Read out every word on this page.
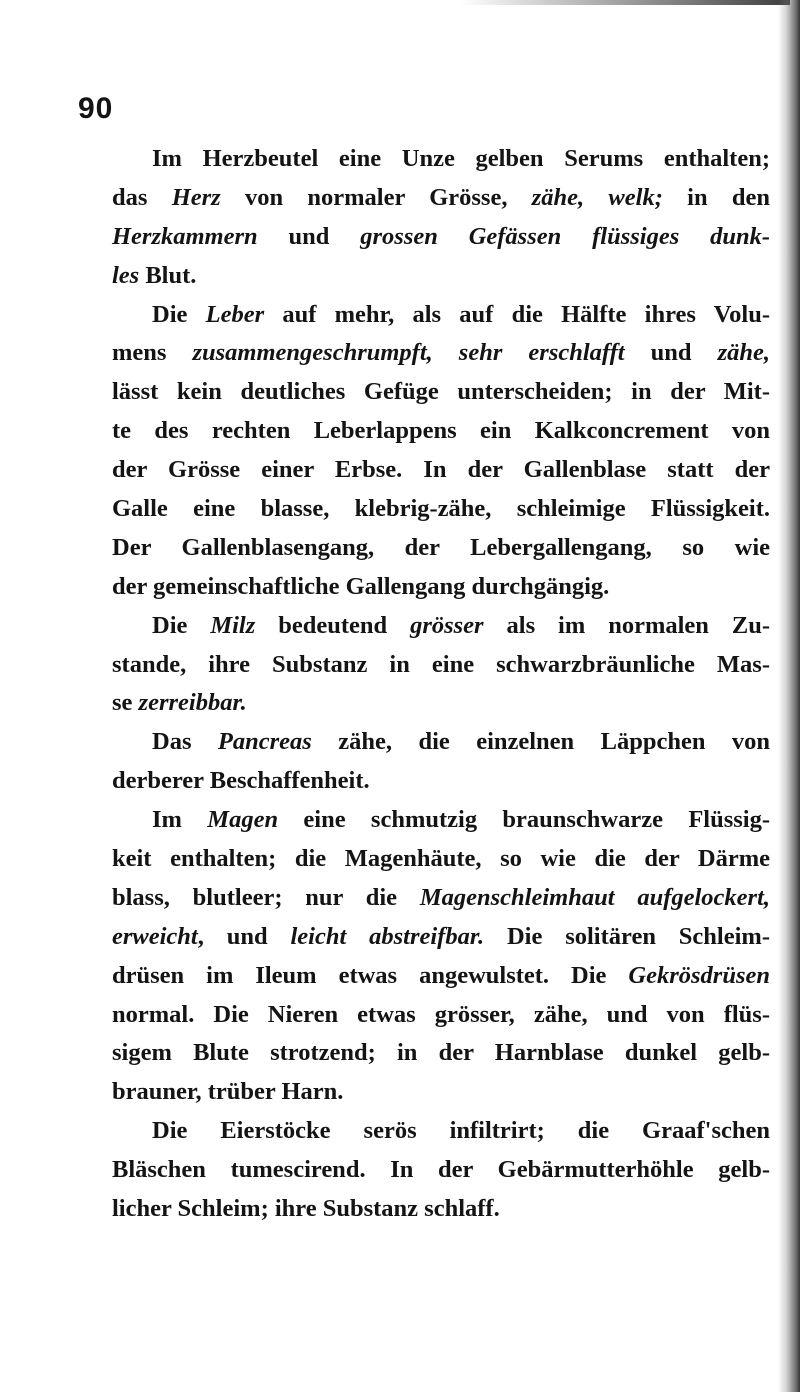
90
Im Herzbeutel eine Unze gelben Serums enthalten;
das Herz von normaler Grösse, zähe, welk; in den
Herzkammern und grossen Gefässen flüssiges dunk-
les Blut.
Die Leber auf mehr, als auf die Hälfte ihres Volu-
mens zusammengeschrumpft, sehr erschlafft und zähe,
lässt kein deutliches Gefüge unterscheiden; in der Mit-
te des rechten Leberlappens ein Kalkconcrement von
der Grösse einer Erbse. In der Gallenblase statt der
Galle eine blasse, klebrig-zähe, schleimige Flüssigkeit.
Der Gallenblasengang, der Lebergallengang, so wie
der gemeinschaftliche Gallengang durchgängig.
Die Milz bedeutend grösser als im normalen Zu-
stande, ihre Substanz in eine schwarzbräunliche Mas-
se zerreibbar.
Das Pancreas zähe, die einzelnen Läppchen von
derberer Beschaffenheit.
Im Magen eine schmutzig braunschwarze Flüssig-
keit enthalten; die Magenhäute, so wie die der Därme
blass, blutleer; nur die Magenschleimhaut aufgelockert,
erweicht, und leicht abstreifbar. Die solitären Schleim-
drüsen im Ileum etwas angewulstet. Die Gekrösdrüsen
normal. Die Nieren etwas grösser, zähe, und von flüs-
sigem Blute strotzend; in der Harnblase dunkel gelb-
brauner, trüber Harn.
Die Eierstöcke serös infiltrirt; die Graaf'schen
Bläschen tumescirend. In der Gebärmutterhöhle gelb-
licher Schleim; ihre Substanz schlaff.
